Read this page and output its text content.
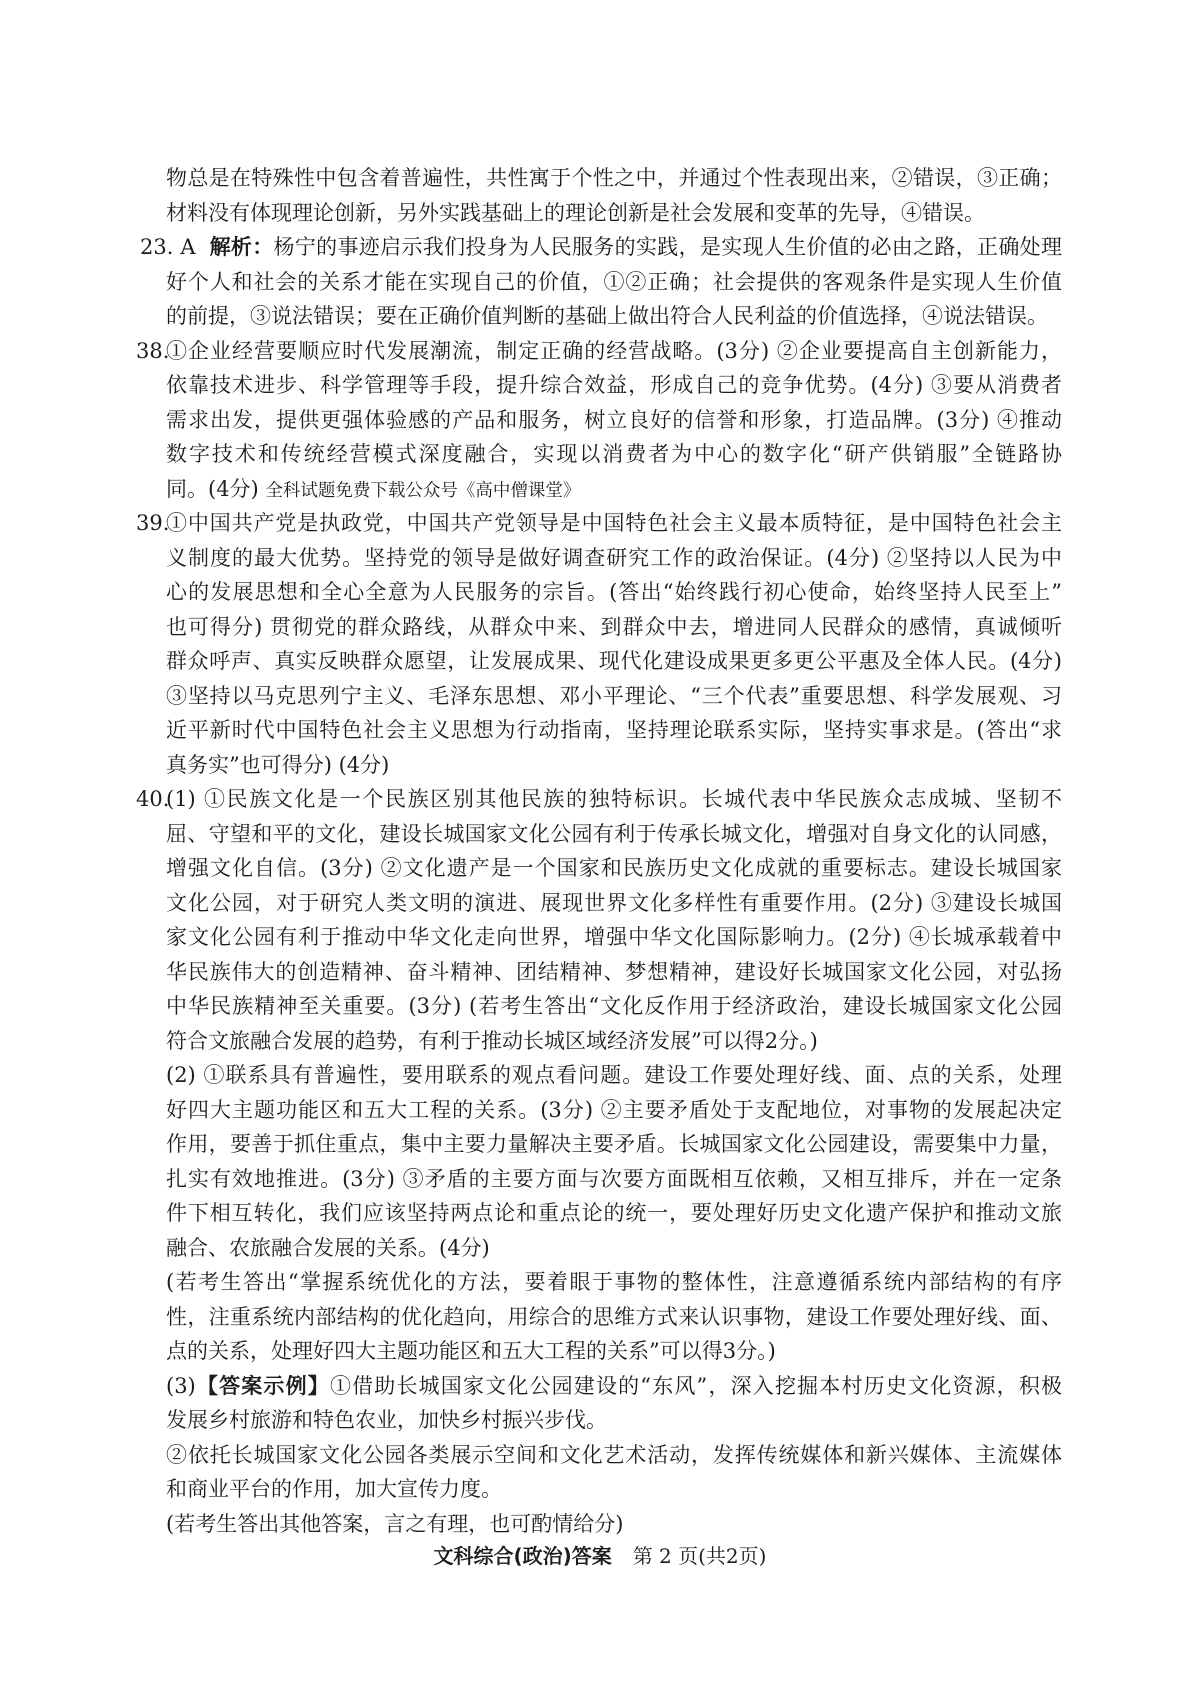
物总是在特殊性中包含着普遍性，共性寓于个性之中，并通过个性表现出来，②错误，③正确；
材料没有体现理论创新，另外实践基础上的理论创新是社会发展和变革的先导，④错误。
23. A 解析：杨宁的事迹启示我们投身为人民服务的实践，是实现人生价值的必由之路，正确处理
好个人和社会的关系才能在实现自己的价值，①②正确；社会提供的客观条件是实现人生价值
的前提，③说法错误；要在正确价值判断的基础上做出符合人民利益的价值选择，④说法错误。
38.
①企业经营要顺应时代发展潮流，制定正确的经营战略。(3分) ②企业要提高自主创新能力，
依靠技术进步、科学管理等手段，提升综合效益，形成自己的竞争优势。(4分) ③要从消费者
需求出发，提供更强体验感的产品和服务，树立良好的信誉和形象，打造品牌。(3分) ④推动
数字技术和传统经营模式深度融合，实现以消费者为中心的数字化“研产供销服”全链路协
同。(4分) 全科试题免费下载公众号《高中僧课堂》
39.
①中国共产党是执政党，中国共产党领导是中国特色社会主义最本质特征，是中国特色社会主
义制度的最大优势。坚持党的领导是做好调查研究工作的政治保证。(4分) ②坚持以人民为中
心的发展思想和全心全意为人民服务的宗旨。(答出“始终践行初心使命，始终坚持人民至上”
也可得分) 贯彻党的群众路线，从群众中来、到群众中去，增进同人民群众的感情，真诚倾听
群众呼声、真实反映群众愿望，让发展成果、现代化建设成果更多更公平惠及全体人民。(4分)
③坚持以马克思列宁主义、毛泽东思想、邓小平理论、“三个代表”重要思想、科学发展观、习
近平新时代中国特色社会主义思想为行动指南，坚持理论联系实际，坚持实事求是。(答出“求
真务实”也可得分) (4分)
40.
(1) ①民族文化是一个民族区别其他民族的独特标识。长城代表中华民族众志成城、坚韧不
屈、守望和平的文化，建设长城国家文化公园有利于传承长城文化，增强对自身文化的认同感，
增强文化自信。(3分) ②文化遗产是一个国家和民族历史文化成就的重要标志。建设长城国家
文化公园，对于研究人类文明的演进、展现世界文化多样性有重要作用。(2分) ③建设长城国
家文化公园有利于推动中华文化走向世界，增强中华文化国际影响力。(2分) ④长城承载着中
华民族伟大的创造精神、奋斗精神、团结精神、梦想精神，建设好长城国家文化公园，对弘扬
中华民族精神至关重要。(3分) (若考生答出“文化反作用于经济政治，建设长城国家文化公园
符合文旅融合发展的趋势，有利于推动长城区域经济发展”可以得2分。)
(2) ①联系具有普遍性，要用联系的观点看问题。建设工作要处理好线、面、点的关系，处理
好四大主题功能区和五大工程的关系。(3分) ②主要矛盾处于支配地位，对事物的发展起决定
作用，要善于抓住重点，集中主要力量解决主要矛盾。长城国家文化公园建设，需要集中力量，
扎实有效地推进。(3分) ③矛盾的主要方面与次要方面既相互依赖，又相互排斥，并在一定条
件下相互转化，我们应该坚持两点论和重点论的统一，要处理好历史文化遗产保护和推动文旅
融合、农旅融合发展的关系。(4分)
(若考生答出“掌握系统优化的方法，要着眼于事物的整体性，注意遵循系统内部结构的有序
性，注重系统内部结构的优化趋向，用综合的思维方式来认识事物，建设工作要处理好线、面、
点的关系，处理好四大主题功能区和五大工程的关系”可以得3分。)
(3)【答案示例】①借助长城国家文化公园建设的“东风”，深入挖掘本村历史文化资源，积极
发展乡村旅游和特色农业，加快乡村振兴步伐。
②依托长城国家文化公园各类展示空间和文化艺术活动，发挥传统媒体和新兴媒体、主流媒体
和商业平台的作用，加大宣传力度。
(若考生答出其他答案，言之有理，也可酌情给分)
文科综合(政治)答案 第 2 页(共2页)
